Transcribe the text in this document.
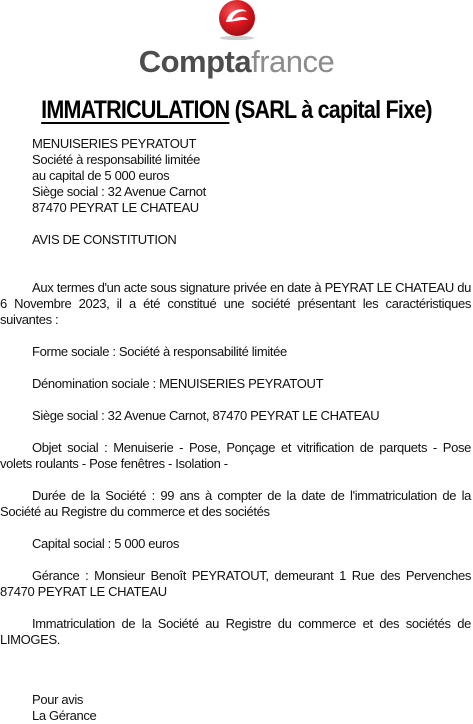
Comptafrance
IMMATRICULATION (SARL à capital Fixe)
MENUISERIES PEYRATOUT
Société à responsabilité limitée
au capital de 5 000 euros
Siège social : 32 Avenue Carnot
87470 PEYRAT LE CHATEAU
AVIS DE CONSTITUTION
Aux termes d'un acte sous signature privée en date à PEYRAT LE CHATEAU du 6 Novembre 2023, il a été constitué une société présentant les caractéristiques suivantes :
Forme sociale : Société à responsabilité limitée
Dénomination sociale : MENUISERIES PEYRATOUT
Siège social : 32 Avenue Carnot, 87470 PEYRAT LE CHATEAU
Objet social : Menuiserie - Pose, Ponçage et vitrification de parquets - Pose volets roulants - Pose fenêtres - Isolation -
Durée de la Société : 99 ans à compter de la date de l'immatriculation de la Société au Registre du commerce et des sociétés
Capital social : 5 000 euros
Gérance : Monsieur Benoît PEYRATOUT, demeurant 1 Rue des Pervenches 87470 PEYRAT LE CHATEAU
Immatriculation de la Société au Registre du commerce et des sociétés de LIMOGES.
Pour avis
La Gérance
